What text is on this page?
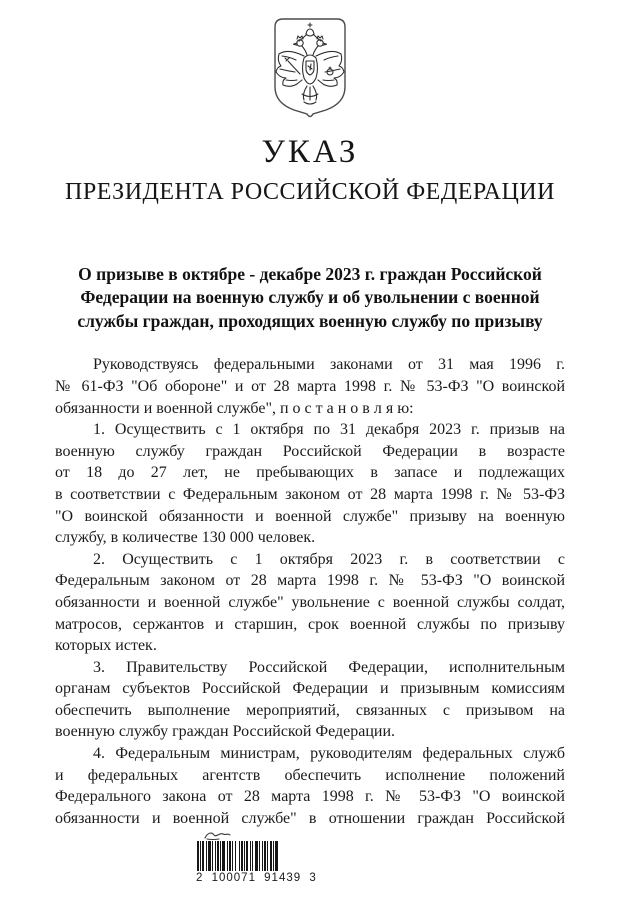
УКАЗ
ПРЕЗИДЕНТА РОССИЙСКОЙ ФЕДЕРАЦИИ
О призыве в октябре - декабре 2023 г. граждан Российской
Федерации на военную службу и об увольнении с военной
службы граждан, проходящих военную службу по призыву
Руководствуясь федеральными законами от 31 мая 1996 г.
№ 61-ФЗ "Об обороне" и от 28 марта 1998 г. № 53-ФЗ "О воинской
обязанности и военной службе", п о с т а н о в л я ю:
1. Осуществить с 1 октября по 31 декабря 2023 г. призыв на
военную службу граждан Российской Федерации в возрасте
от 18 до 27 лет, не пребывающих в запасе и подлежащих
в соответствии с Федеральным законом от 28 марта 1998 г. № 53-ФЗ
"О воинской обязанности и военной службе" призыву на военную
службу, в количестве 130 000 человек.
2. Осуществить с 1 октября 2023 г. в соответствии с
Федеральным законом от 28 марта 1998 г. № 53-ФЗ "О воинской
обязанности и военной службе" увольнение с военной службы солдат,
матросов, сержантов и старшин, срок военной службы по призыву
которых истек.
3. Правительству Российской Федерации, исполнительным
органам субъектов Российской Федерации и призывным комиссиям
обеспечить выполнение мероприятий, связанных с призывом на
военную службу граждан Российской Федерации.
4. Федеральным министрам, руководителям федеральных служб
и федеральных агентств обеспечить исполнение положений
Федерального закона от 28 марта 1998 г. № 53-ФЗ "О воинской
обязанности и военной службе" в отношении граждан Российской
2 100071 91439 3
